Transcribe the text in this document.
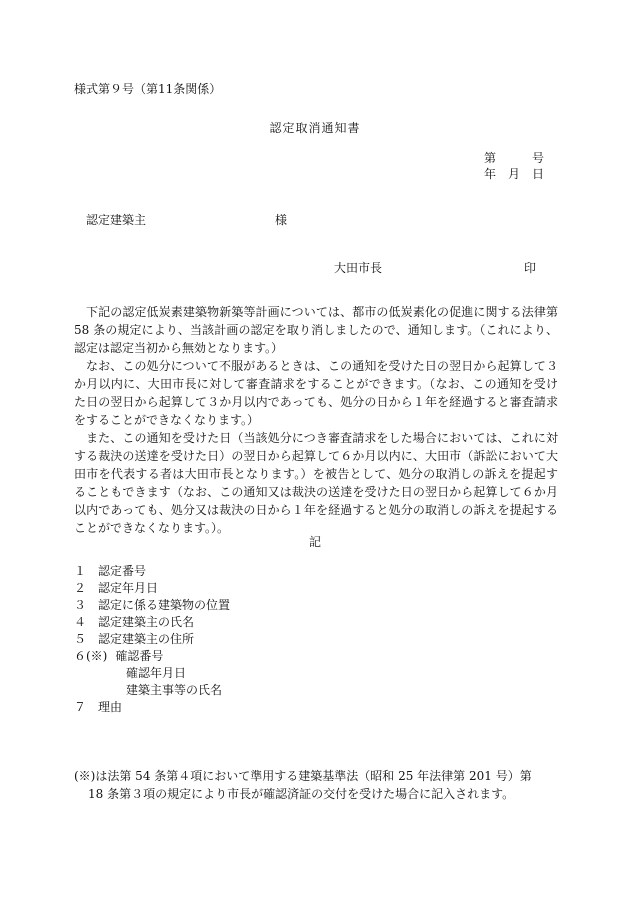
様式第９号（第11条関係）
認定取消通知書
第　　　号
年　月　日
認定建築主	様
大田市長	印

下記の認定低炭素建築物新築等計画については、都市の低炭素化の促進に関する法律第 58 条の規定により、当該計画の認定を取り消しましたので、通知します。（これにより、認定は認定当初から無効となります。）

なお、この処分について不服があるときは、この通知を受けた日の翌日から起算して３か月以内に、大田市長に対して審査請求をすることができます。（なお、この通知を受けた日の翌日から起算して３か月以内であっても、処分の日から１年を経過すると審査請求をすることができなくなります。）

また、この通知を受けた日（当該処分につき審査請求をした場合においては、これに対する裁決の送達を受けた日）の翌日から起算して６か月以内に、大田市（訴訟において大田市を代表する者は大田市長となります。）を被告として、処分の取消しの訴えを提起することもできます（なお、この通知又は裁決の送達を受けた日の翌日から起算して６か月以内であっても、処分又は裁決の日から１年を経過すると処分の取消しの訴えを提起することができなくなります。）。

記
１ 認定番号
２ 認定年月日
３ 認定に係る建築物の位置
４ 認定建築主の氏名
５ 認定建築主の住所
６(※) 確認番号
確認年月日
建築主事等の氏名
７ 理由
(※)は法第 54 条第４項において準用する建築基準法（昭和 25 年法律第 201 号）第
18 条第３項の規定により市長が確認済証の交付を受けた場合に記入されます。
